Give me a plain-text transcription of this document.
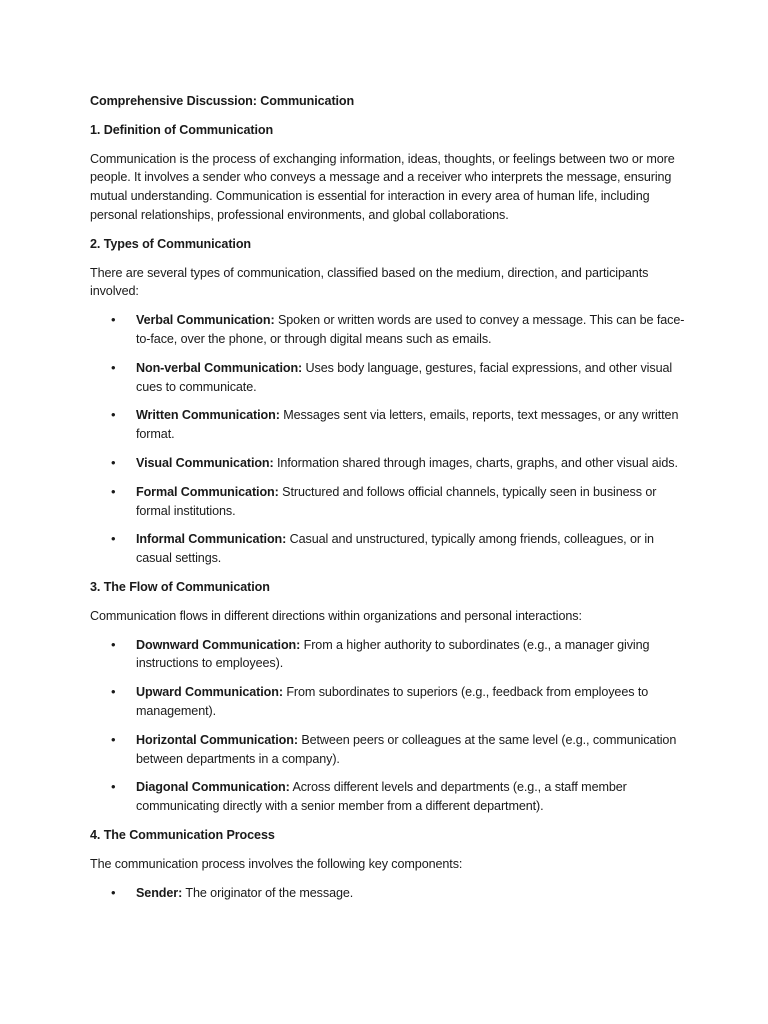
Comprehensive Discussion: Communication
1. Definition of Communication

Communication is the process of exchanging information, ideas, thoughts, or feelings between two or more people. It involves a sender who conveys a message and a receiver who interprets the message, ensuring mutual understanding. Communication is essential for interaction in every area of human life, including personal relationships, professional environments, and global collaborations.

2. Types of Communication

There are several types of communication, classified based on the medium, direction, and participants involved:

• Verbal Communication: Spoken or written words are used to convey a message. This can be face-to-face, over the phone, or through digital means such as emails.
• Non-verbal Communication: Uses body language, gestures, facial expressions, and other visual cues to communicate.
• Written Communication: Messages sent via letters, emails, reports, text messages, or any written format.
• Visual Communication: Information shared through images, charts, graphs, and other visual aids.
• Formal Communication: Structured and follows official channels, typically seen in business or formal institutions.
• Informal Communication: Casual and unstructured, typically among friends, colleagues, or in casual settings.
3. The Flow of Communication

Communication flows in different directions within organizations and personal interactions:

• Downward Communication: From a higher authority to subordinates (e.g., a manager giving instructions to employees).
• Upward Communication: From subordinates to superiors (e.g., feedback from employees to management).
• Horizontal Communication: Between peers or colleagues at the same level (e.g., communication between departments in a company).
• Diagonal Communication: Across different levels and departments (e.g., a staff member communicating directly with a senior member from a different department).
4. The Communication Process

The communication process involves the following key components:

• Sender: The originator of the message.
